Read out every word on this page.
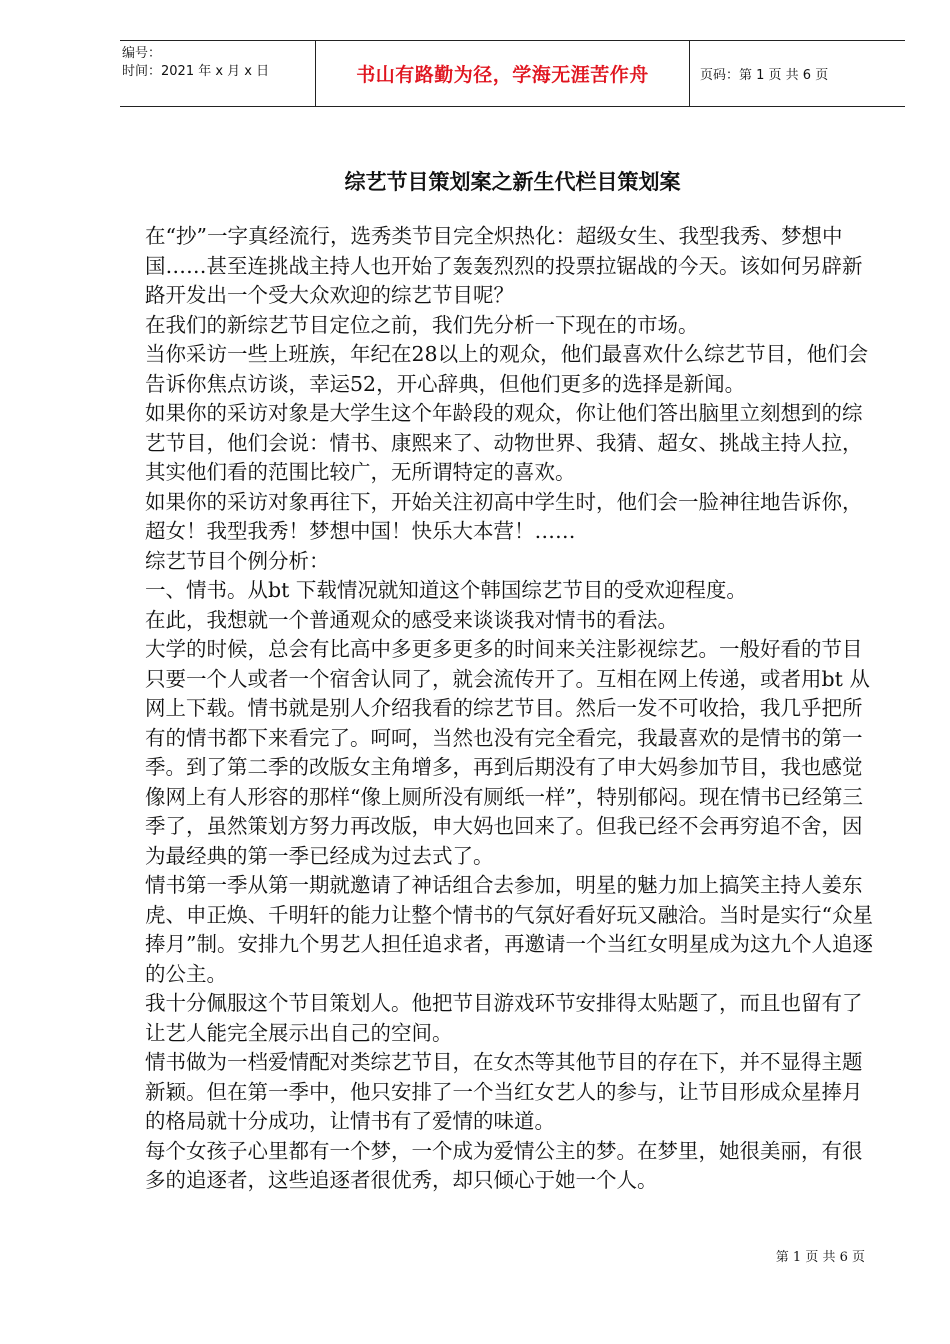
编号：
时间：2021 年 x 月 x 日	书山有路勤为径，学海无涯苦作舟	页码：第 1 页 共 6 页
综艺节目策划案之新生代栏目策划案

在“抄”一字真经流行，选秀类节目完全炽热化：超级女生、我型我秀、梦想中国……甚至连挑战主持人也开始了轰轰烈烈的投票拉锯战的今天。该如何另辟新路开发出一个受大众欢迎的综艺节目呢？

在我们的新综艺节目定位之前，我们先分析一下现在的市场。

当你采访一些上班族，年纪在28以上的观众，他们最喜欢什么综艺节目，他们会告诉你焦点访谈，幸运52，开心辞典，但他们更多的选择是新闻。

如果你的采访对象是大学生这个年龄段的观众，你让他们答出脑里立刻想到的综艺节目，他们会说：情书、康熙来了、动物世界、我猜、超女、挑战主持人拉，其实他们看的范围比较广，无所谓特定的喜欢。

如果你的采访对象再往下，开始关注初高中学生时，他们会一脸神往地告诉你，超女！我型我秀！梦想中国！快乐大本营！……

综艺节目个例分析：

一、情书。从bt 下载情况就知道这个韩国综艺节目的受欢迎程度。

在此，我想就一个普通观众的感受来谈谈我对情书的看法。

大学的时候，总会有比高中多更多更多的时间来关注影视综艺。一般好看的节目只要一个人或者一个宿舍认同了，就会流传开了。互相在网上传递，或者用bt 从网上下载。情书就是别人介绍我看的综艺节目。然后一发不可收拾，我几乎把所有的情书都下来看完了。呵呵，当然也没有完全看完，我最喜欢的是情书的第一季。到了第二季的改版女主角增多，再到后期没有了申大妈参加节目，我也感觉像网上有人形容的那样“像上厕所没有厕纸一样”，特别郁闷。现在情书已经第三季了，虽然策划方努力再改版，申大妈也回来了。但我已经不会再穷追不舍，因为最经典的第一季已经成为过去式了。

情书第一季从第一期就邀请了神话组合去参加，明星的魅力加上搞笑主持人姜东虎、申正焕、千明轩的能力让整个情书的气氛好看好玩又融洽。当时是实行“众星捧月”制。安排九个男艺人担任追求者，再邀请一个当红女明星成为这九个人追逐的公主。

我十分佩服这个节目策划人。他把节目游戏环节安排得太贴题了，而且也留有了让艺人能完全展示出自己的空间。

情书做为一档爱情配对类综艺节目，在女杰等其他节目的存在下，并不显得主题新颖。但在第一季中，他只安排了一个当红女艺人的参与，让节目形成众星捧月的格局就十分成功，让情书有了爱情的味道。

每个女孩子心里都有一个梦，一个成为爱情公主的梦。在梦里，她很美丽，有很多的追逐者，这些追逐者很优秀，却只倾心于她一个人。

第 1 页 共 6 页
